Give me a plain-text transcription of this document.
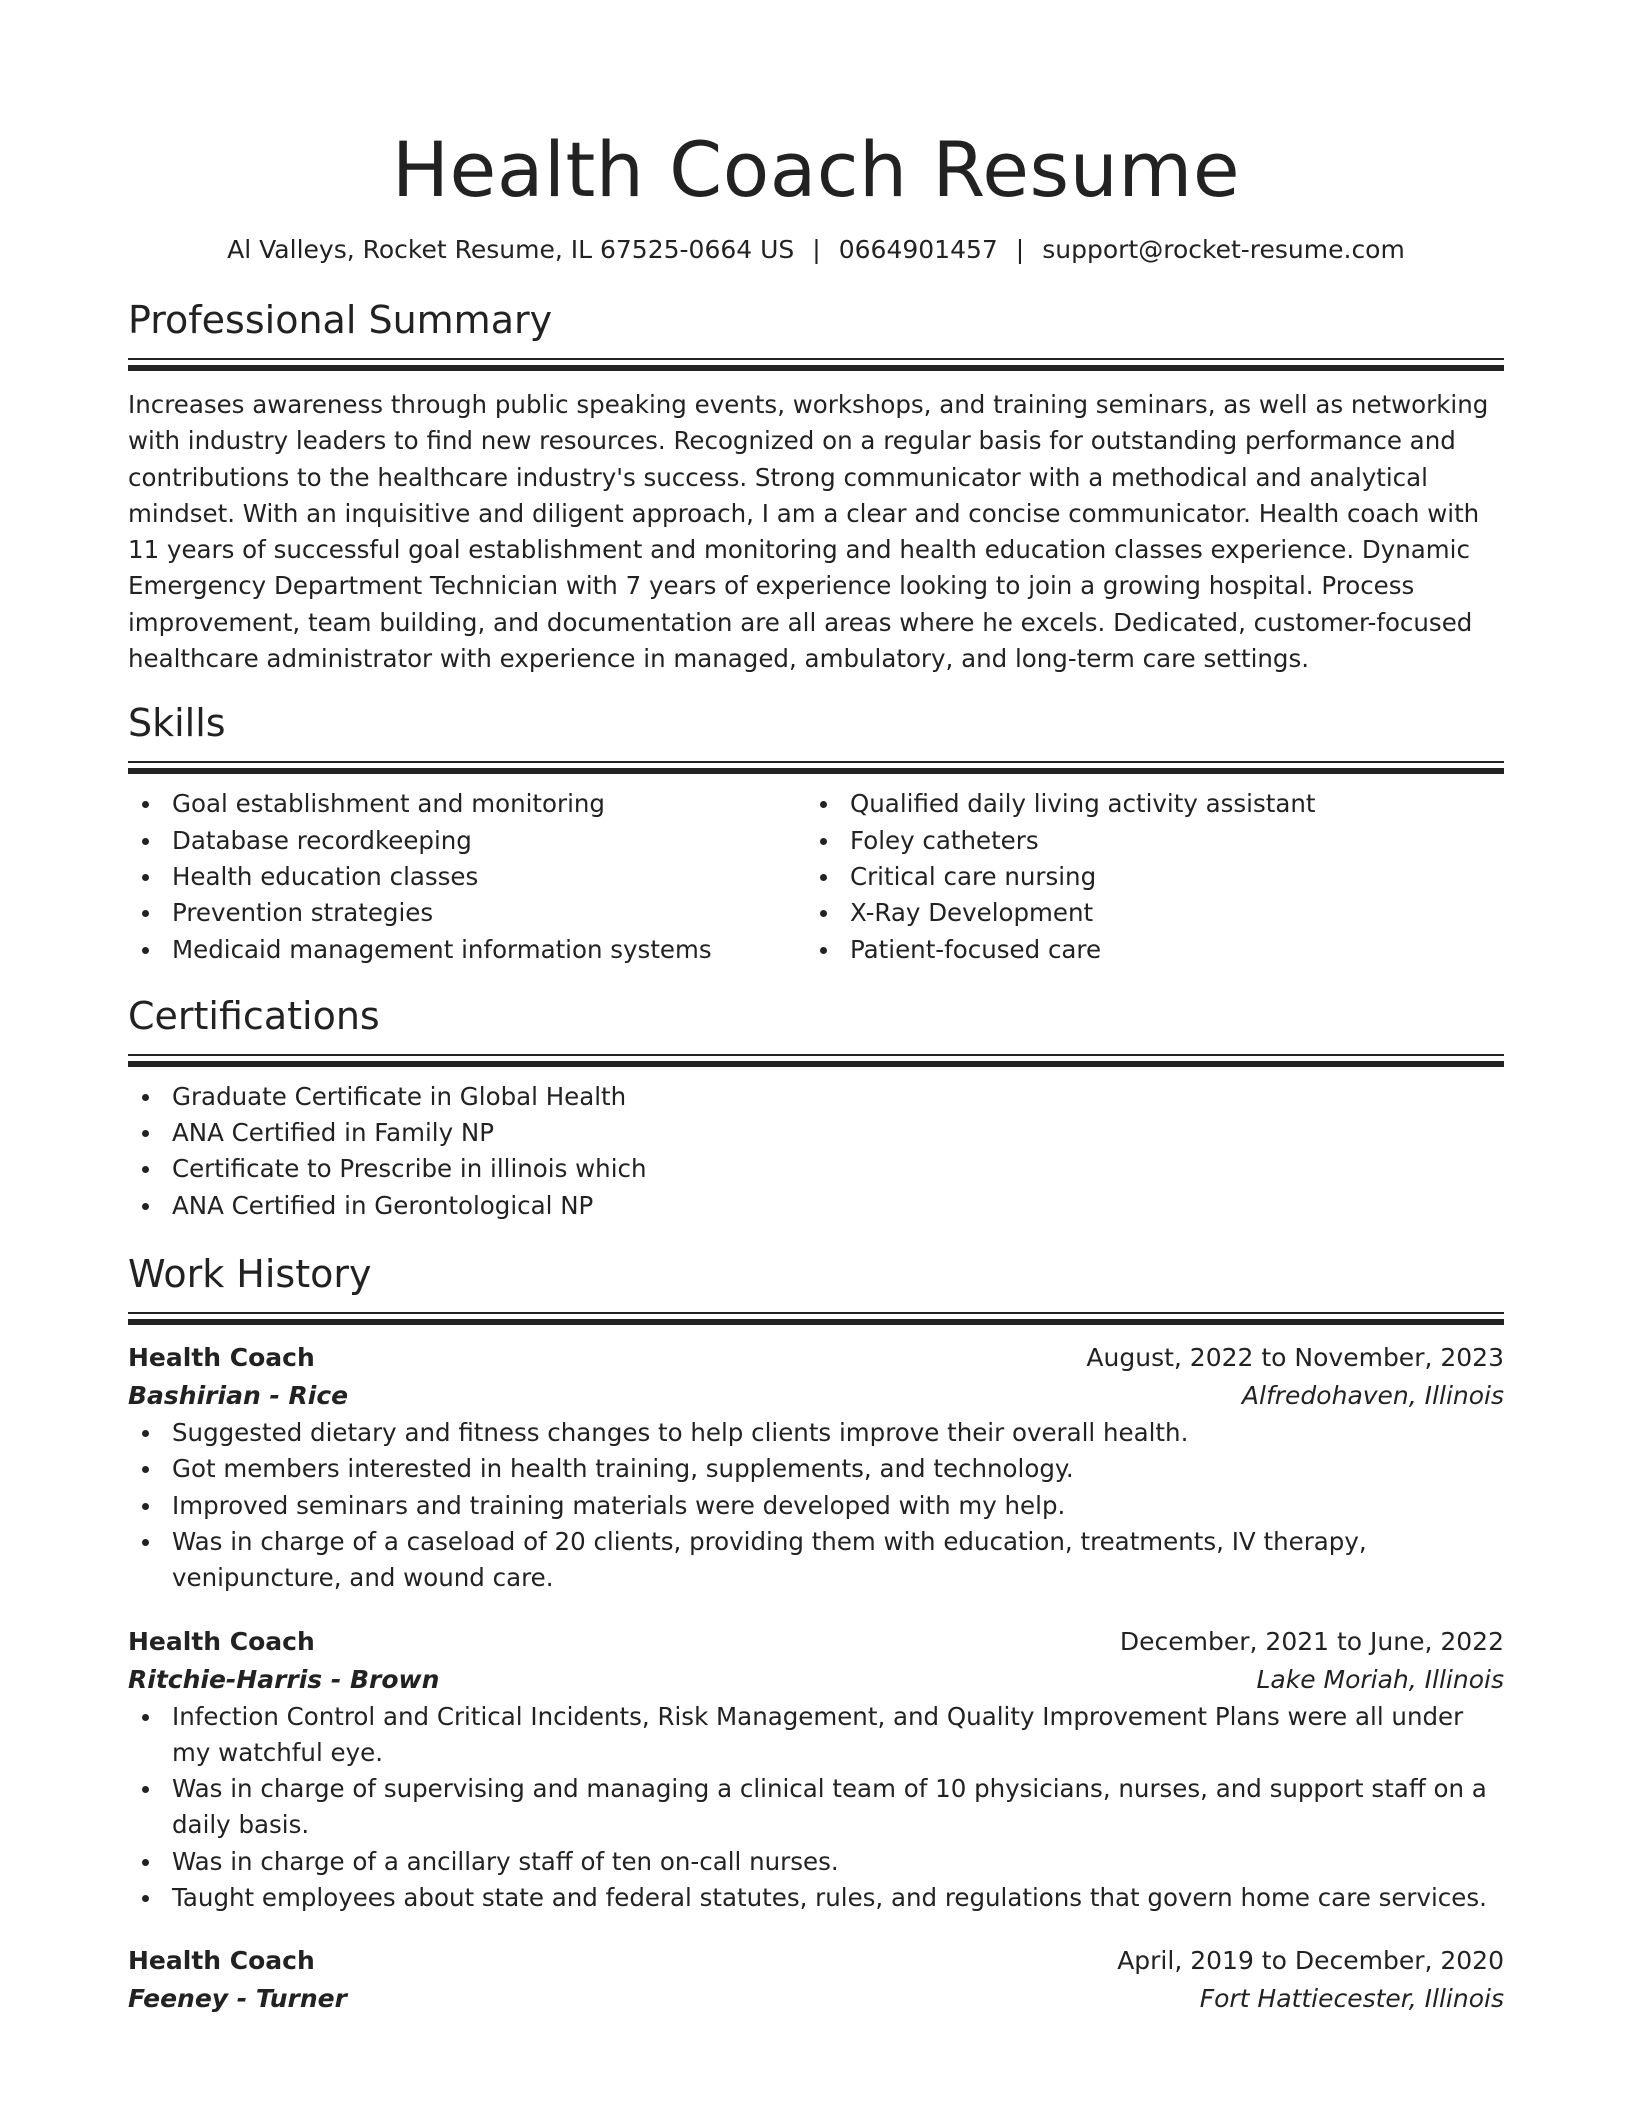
Health Coach Resume
Al Valleys, Rocket Resume, IL 67525-0664 US | 0664901457 | support@rocket-resume.com
Professional Summary
Increases awareness through public speaking events, workshops, and training seminars, as well as networking with industry leaders to find new resources. Recognized on a regular basis for outstanding performance and contributions to the healthcare industry's success. Strong communicator with a methodical and analytical mindset. With an inquisitive and diligent approach, I am a clear and concise communicator. Health coach with 11 years of successful goal establishment and monitoring and health education classes experience. Dynamic Emergency Department Technician with 7 years of experience looking to join a growing hospital. Process improvement, team building, and documentation are all areas where he excels. Dedicated, customer-focused healthcare administrator with experience in managed, ambulatory, and long-term care settings.
Skills
Goal establishment and monitoring
Database recordkeeping
Health education classes
Prevention strategies
Medicaid management information systems
Qualified daily living activity assistant
Foley catheters
Critical care nursing
X-Ray Development
Patient-focused care
Certifications
Graduate Certificate in Global Health
ANA Certified in Family NP
Certificate to Prescribe in illinois which
ANA Certified in Gerontological NP
Work History
Health Coach	August, 2022 to November, 2023
Bashirian - Rice	Alfredohaven, Illinois
Suggested dietary and fitness changes to help clients improve their overall health.
Got members interested in health training, supplements, and technology.
Improved seminars and training materials were developed with my help.
Was in charge of a caseload of 20 clients, providing them with education, treatments, IV therapy, venipuncture, and wound care.
Health Coach	December, 2021 to June, 2022
Ritchie-Harris - Brown	Lake Moriah, Illinois
Infection Control and Critical Incidents, Risk Management, and Quality Improvement Plans were all under my watchful eye.
Was in charge of supervising and managing a clinical team of 10 physicians, nurses, and support staff on a daily basis.
Was in charge of a ancillary staff of ten on-call nurses.
Taught employees about state and federal statutes, rules, and regulations that govern home care services.
Health Coach	April, 2019 to December, 2020
Feeney - Turner	Fort Hattiecester, Illinois
